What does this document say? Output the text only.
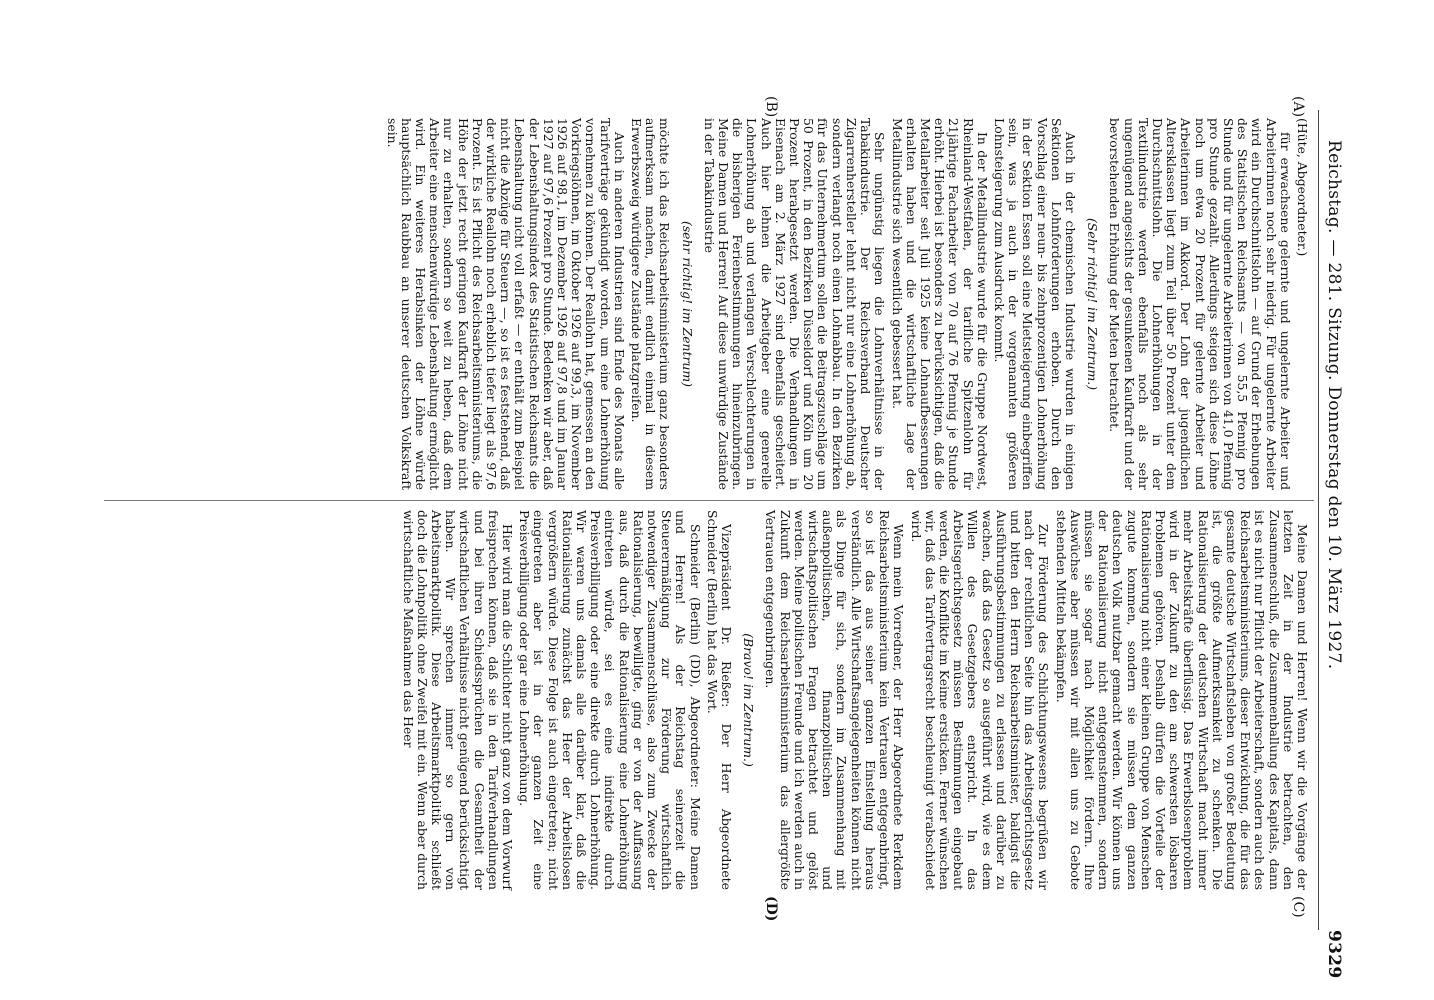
Reichstag. — 281. Sitzung. Donnerstag den 10. März 1927.
9329
(A)
(B)
(C)
(D)

(Hüte, Abgeordneter.)

für erwachsene gelernte und ungelernte Arbeiter und Arbeiterinnen noch sehr niedrig. Für ungelernte Arbeiter wird ein Durchschnittslohn — auf Grund der Erhebungen des Statistischen Reichsamts — von 55,5 Pfennig pro Stunde und für ungelernte Arbeiterinnen von 41,0 Pfennig pro Stunde gezahlt. Allerdings steigen sich diese Löhne noch um etwa 20 Prozent für gelernte Arbeiter und Arbeiterinnen im Akkord. Der Lohn der jugendlichen Altersklassen liegt zum Teil über 50 Prozent unter dem Durchschnittslohn. Die Lohnerhöhungen in der Textilindustrie werden ebenfalls noch als sehr ungenügend angesichts der gesunkenen Kaufkraft und der bevorstehenden Erhöhung der Mieten betrachtet.

(Sehr richtig! im Zentrum.)

Auch in der chemischen Industrie wurden in einigen Sektionen Lohnforderungen erhoben. Durch den Vorschlag einer neun- bis zehnprozentigen Lohnerhöhung in der Sektion Essen soll eine Mietsteigerung einbegriffen sein, was ja auch in der vorgenannten größeren Lohnsteigerung zum Ausdruck kommt.

In der Metallindustrie wurde für die Gruppe Nordwest, Rheinland-Westfalen, der tarifliche Spitzenlohn für 21jährige Facharbeiter von 70 auf 76 Pfennig je Stunde erhöht. Hierbei ist besonders zu berücksichtigen, daß die Metallarbeiter seit Juli 1925 keine Lohnaufbesserungen erhalten haben und die wirtschaftliche Lage der Metallindustrie sich wesentlich gebessert hat.

Sehr ungünstig liegen die Lohnverhältnisse in der Tabakindustrie. Der Reichsverband Deutscher Zigarrenhersteller lehnt nicht nur eine Lohnerhöhung ab, sondern verlangt noch einen Lohnabbau. In den Bezirken für das Unternehmertum sollen die Beitragszuschläge um 50 Prozent, in den Bezirken Düsseldorf und Köln um 20 Prozent herabgesetzt werden. Die Verhandlungen in Eisenach am 2. März 1927 sind ebenfalls gescheitert. Auch hier lehnen die Arbeitgeber eine generelle Lohnerhöhung ab und verlangen Verschlechterungen in die bisherigen Ferienbestimmungen hineinzubringen. Meine Damen und Herren! Auf diese unwürdige Zustände in der Tabakindustrie

(sehr richtig! im Zentrum)

möchte ich das Reichsarbeitsministerium ganz besonders aufmerksam machen, damit endlich einmal in diesem Erwerbszweig würdigere Zustände platzgreifen.

Auch in anderen Industrien sind Ende des Monats alle Tarifverträge gekündigt worden, um eine Lohnerhöhung vornehmen zu können. Der Reallohn hat, gemessen an den Vorkriegslöhnen, im Oktober 1926 auf 99,3, im November 1926 auf 98,1, im Dezember 1926 auf 97,8 und im Januar 1927 auf 97,6 Prozent pro Stunde. Bedenken wir aber, daß der Lebenshaltungsindex des Statistischen Reichsamts die Lebenshaltung nicht voll erfaßt — er enthält zum Beispiel nicht die Abzüge für Steuern —, so ist es feststehend, daß der wirkliche Reallohn noch erheblich tiefer liegt als 97,6 Prozent. Es ist Pflicht des Reichsarbeitsministeriums, die Höhe der jetzt recht geringen Kaufkraft der Löhne nicht nur zu erhalten, sondern so weit zu heben, daß dem Arbeiter eine menschenwürdige Lebenshaltung ermöglicht wird. Ein weiteres Herabsinken der Löhne würde hauptsächlich Raubbau an unserer deutschen Volkskraft sein.

Meine Damen und Herren! Wenn wir die Vorgänge der letzten Zeit in der Industrie betrachten, den Zusammenschluß, die Zusammenballung des Kapitals, dann ist es nicht nur Pflicht der Arbeiterschaft, sondern auch des Reichsarbeitsministeriums, dieser Entwicklung, die für das gesamte deutsche Wirtschaftsleben von großer Bedeutung ist, die größte Aufmerksamkeit zu schenken. Die Rationalisierung der deutschen Wirtschaft macht immer mehr Arbeitskräfte überflüssig. Das Erwerbslosenproblem wird in der Zukunft zu den am schwersten lösbaren Problemen gehören. Deshalb dürfen die Vorteile der Rationalisierung nicht einer kleinen Gruppe von Menschen zugute kommen, sondern sie müssen dem ganzen deutschen Volk nutzbar gemacht werden. Wir können uns der Rationalisierung nicht entgegenstemmen, sondern müssen sie sogar nach Möglichkeit fördern. Ihre Auswüchse aber müssen wir mit allen uns zu Gebote stehenden Mitteln bekämpfen.

Zur Förderung des Schlichtungswesens begrüßen wir nach der rechtlichen Seite hin das Arbeitsgerichtsgesetz und bitten den Herrn Reichsarbeitsminister, baldigst die Ausführungsbestimmungen zu erlassen und darüber zu wachen, daß das Gesetz so ausgeführt wird, wie es dem Willen des Gesetzgebers entspricht. In das Arbeitsgerichtsgesetz müssen Bestimmungen eingebaut werden, die Konflikte im Keime ersticken. Ferner wünschen wir, daß das Tarifvertragsrecht beschleunigt verabschiedet wird.

Wenn mein Vorredner, der Herr Abgeordnete Rerkdem Reichsarbeitsministerium kein Vertrauen entgegenbringt, so ist das aus seiner ganzen Einstellung heraus verständlich. Alle Wirtschaftsangelegenheiten können nicht als Dinge für sich, sondern im Zusammenhang mit außenpolitischen, finanzpolitischen und wirtschaftspolitischen Fragen betrachtet und gelöst werden. Meine politischen Freunde und ich werden auch in Zukunft dem Reichsarbeitsministerium das allergrößte Vertrauen entgegenbringen.

(Bravo! im Zentrum.)

Vizepräsident Dr. Rießer: Der Herr Abgeordnete Schneider (Berlin) hat das Wort.

Schneider (Berlin) (DD), Abgeordneter: Meine Damen und Herren! Als der Reichstag seinerzeit die Steuerermäßigung zur Förderung wirtschaftlich notwendiger Zusammenschlüsse, also zum Zwecke der Rationalisierung, bewilligte, ging er von der Auffassung aus, daß durch die Rationalisierung eine Lohnerhöhung eintreten würde, sei es eine indirekte durch Preisverbilligung oder eine direkte durch Lohnerhöhung. Wir waren uns damals alle darüber klar, daß die Rationalisierung zunächst das Heer der Arbeitslosen vergrößern würde. Diese Folge ist auch eingetreten; nicht eingetreten aber ist in der ganzen Zeit eine Preisverbilligung oder gar eine Lohnerhöhung.

Hier wird man die Schlichter nicht ganz von dem Vorwurf freisprechen können, daß sie in den Tarifverhandlungen und bei ihren Schiedssprüchen die Gesamtheit der wirtschaftlichen Verhältnisse nicht genügend berücksichtigt haben. Wir sprechen immer so gern von Arbeitsmarktpolitik. Diese Arbeitsmarktpolitik schließt doch die Lohnpolitik ohne Zweifel mit ein. Wenn aber durch wirtschaftliche Maßnahmen das Heer
